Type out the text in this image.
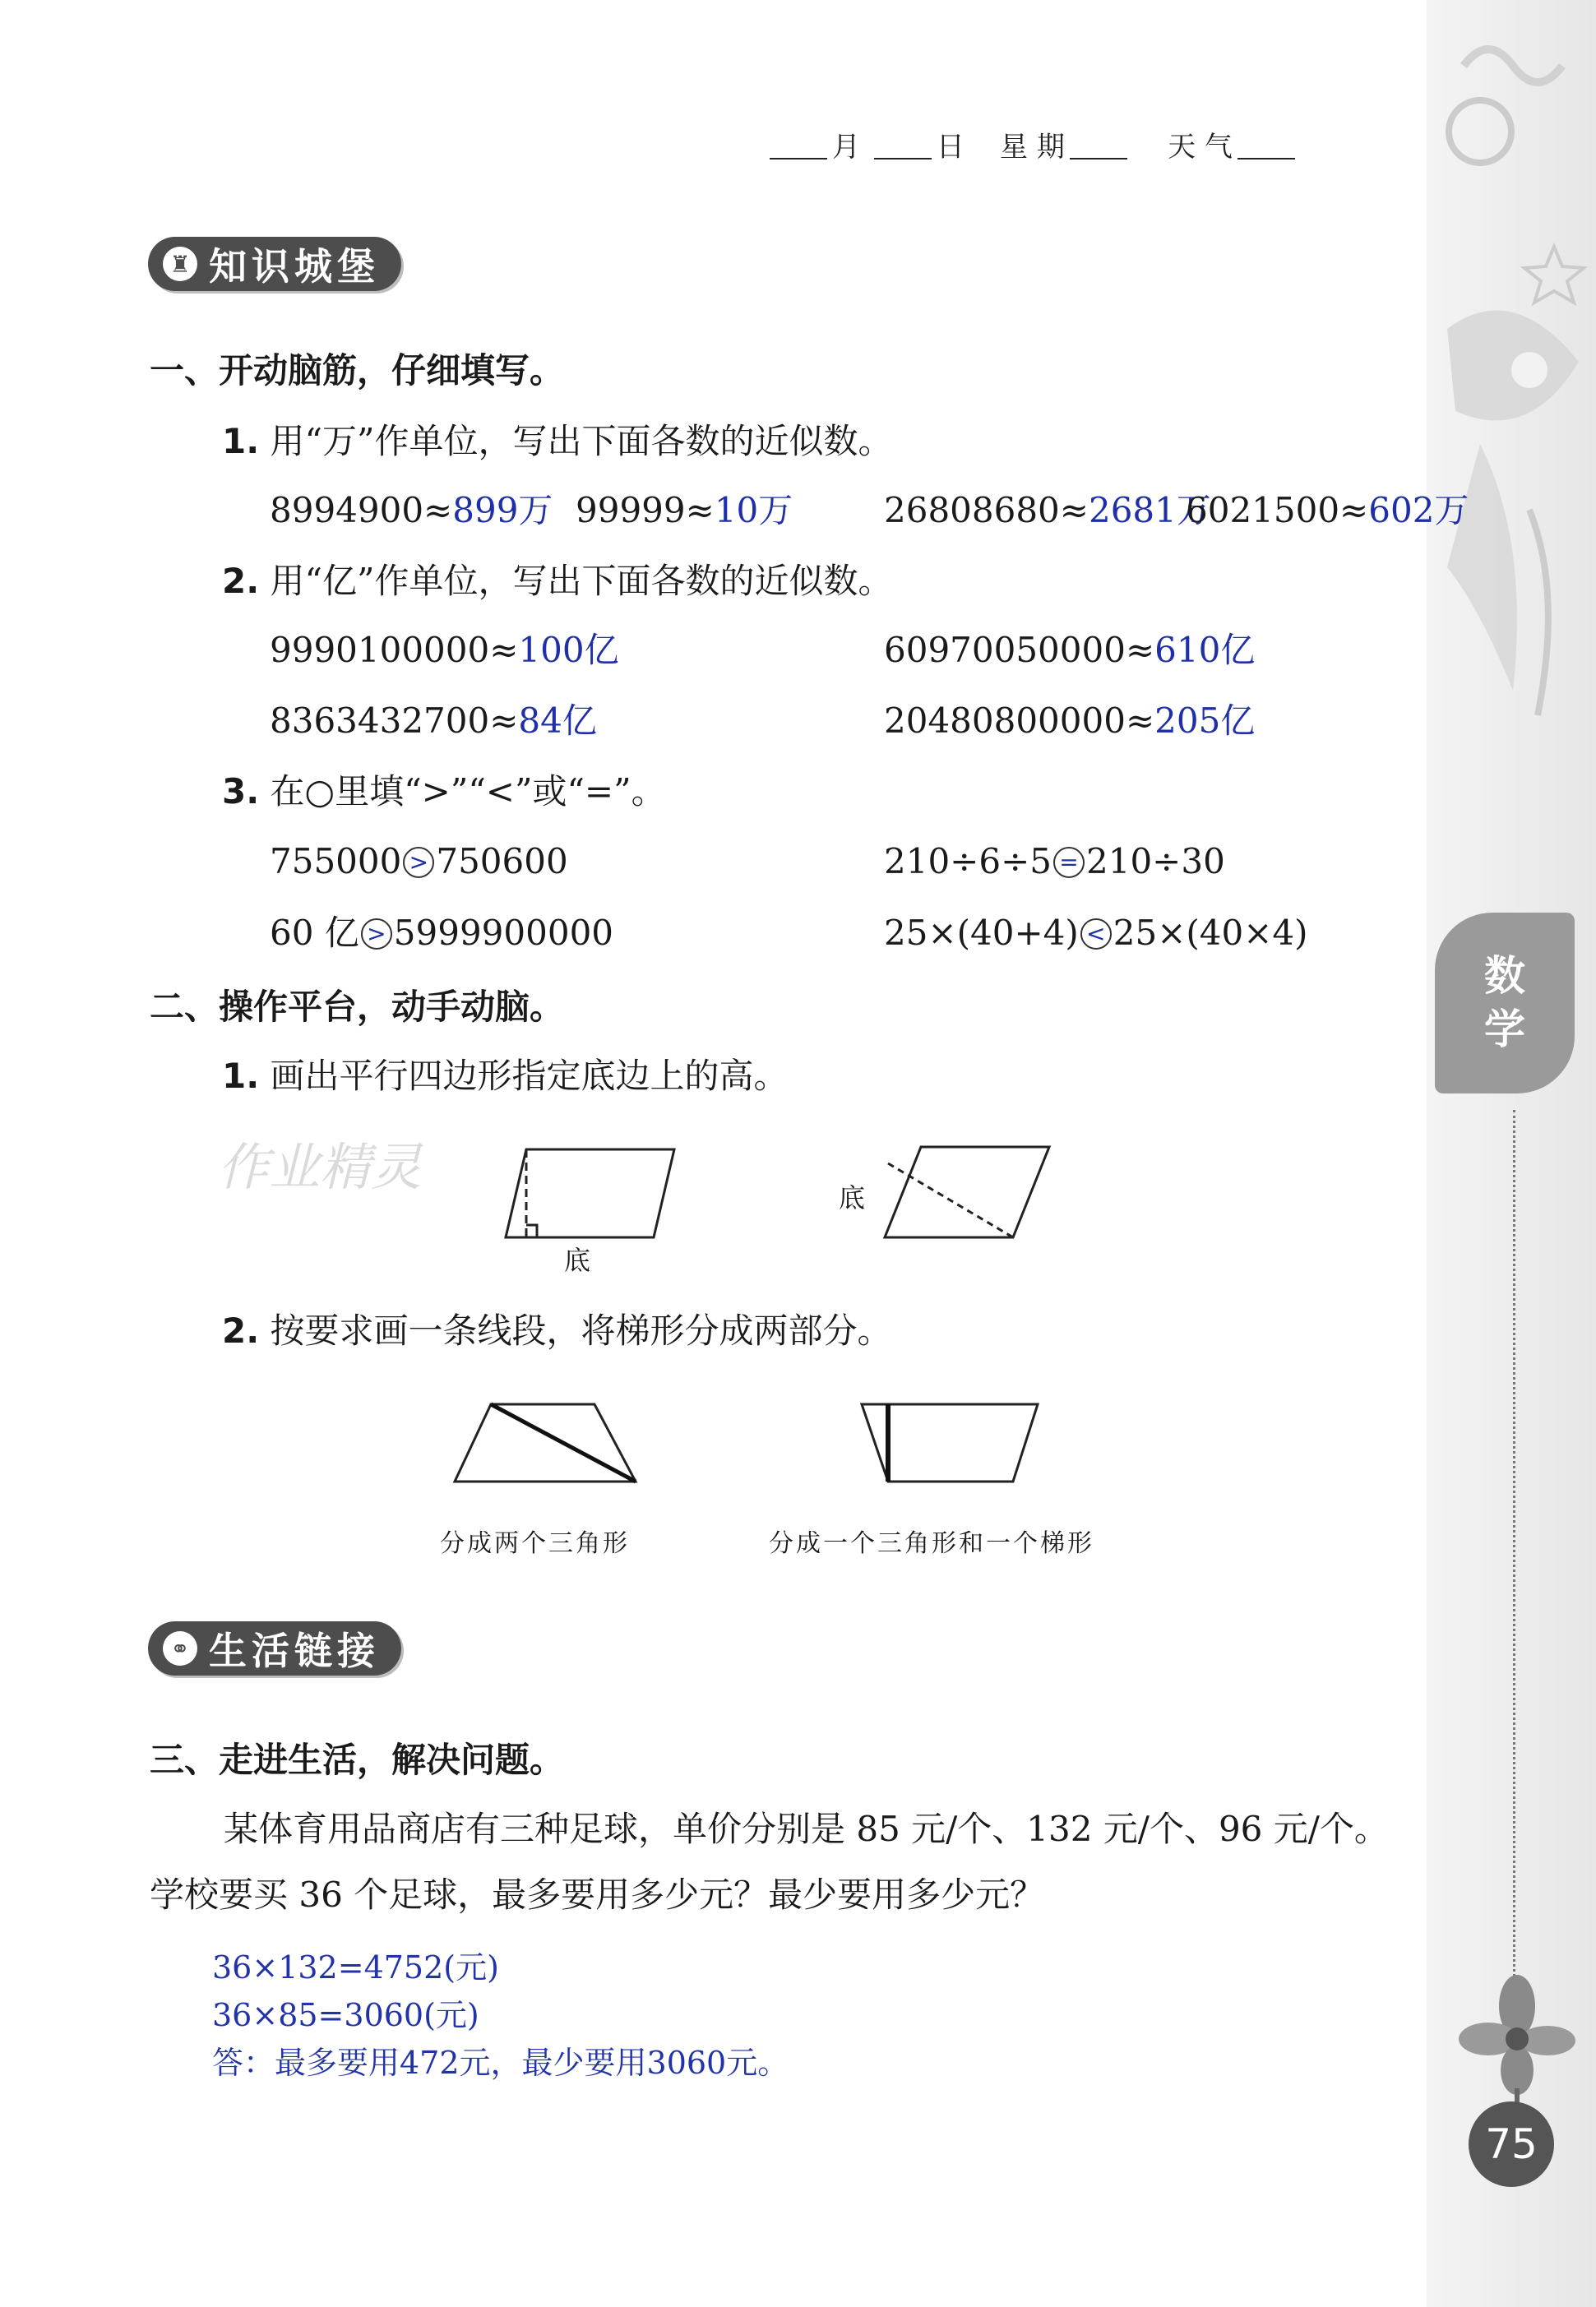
月	日 星 期	天 气
♜ 知识城堡
一、开动脑筋，仔细填写。
1. 用“万”作单位，写出下面各数的近似数。
8994900≈899万 99999≈10万	26808680≈2681万
6021500≈602万
2. 用“亿”作单位，写出下面各数的近似数。
9990100000≈100亿	60970050000≈610亿
8363432700≈84亿	20480800000≈205亿
3. 在○里填“>”“<”或“=”。
755000 > 750600	210÷6÷5 = 210÷30
60 亿 > 5999900000	25×(40+4) < 25×(40×4)
二、操作平台，动手动脑。
1. 画出平行四边形指定底边上的高。
作业精灵
底
底
2. 按要求画一条线段，将梯形分成两部分。
分成两个三角形	分成一个三角形和一个梯形
⚭ 生活链接
三、走进生活，解决问题。
某体育用品商店有三种足球，单价分别是 85 元/个、132 元/个、96 元/个。
学校要买 36 个足球，最多要用多少元？最少要用多少元？
36×132=4752(元)
36×85=3060(元)
答：最多要用472元，最少要用3060元。
数
学
75
